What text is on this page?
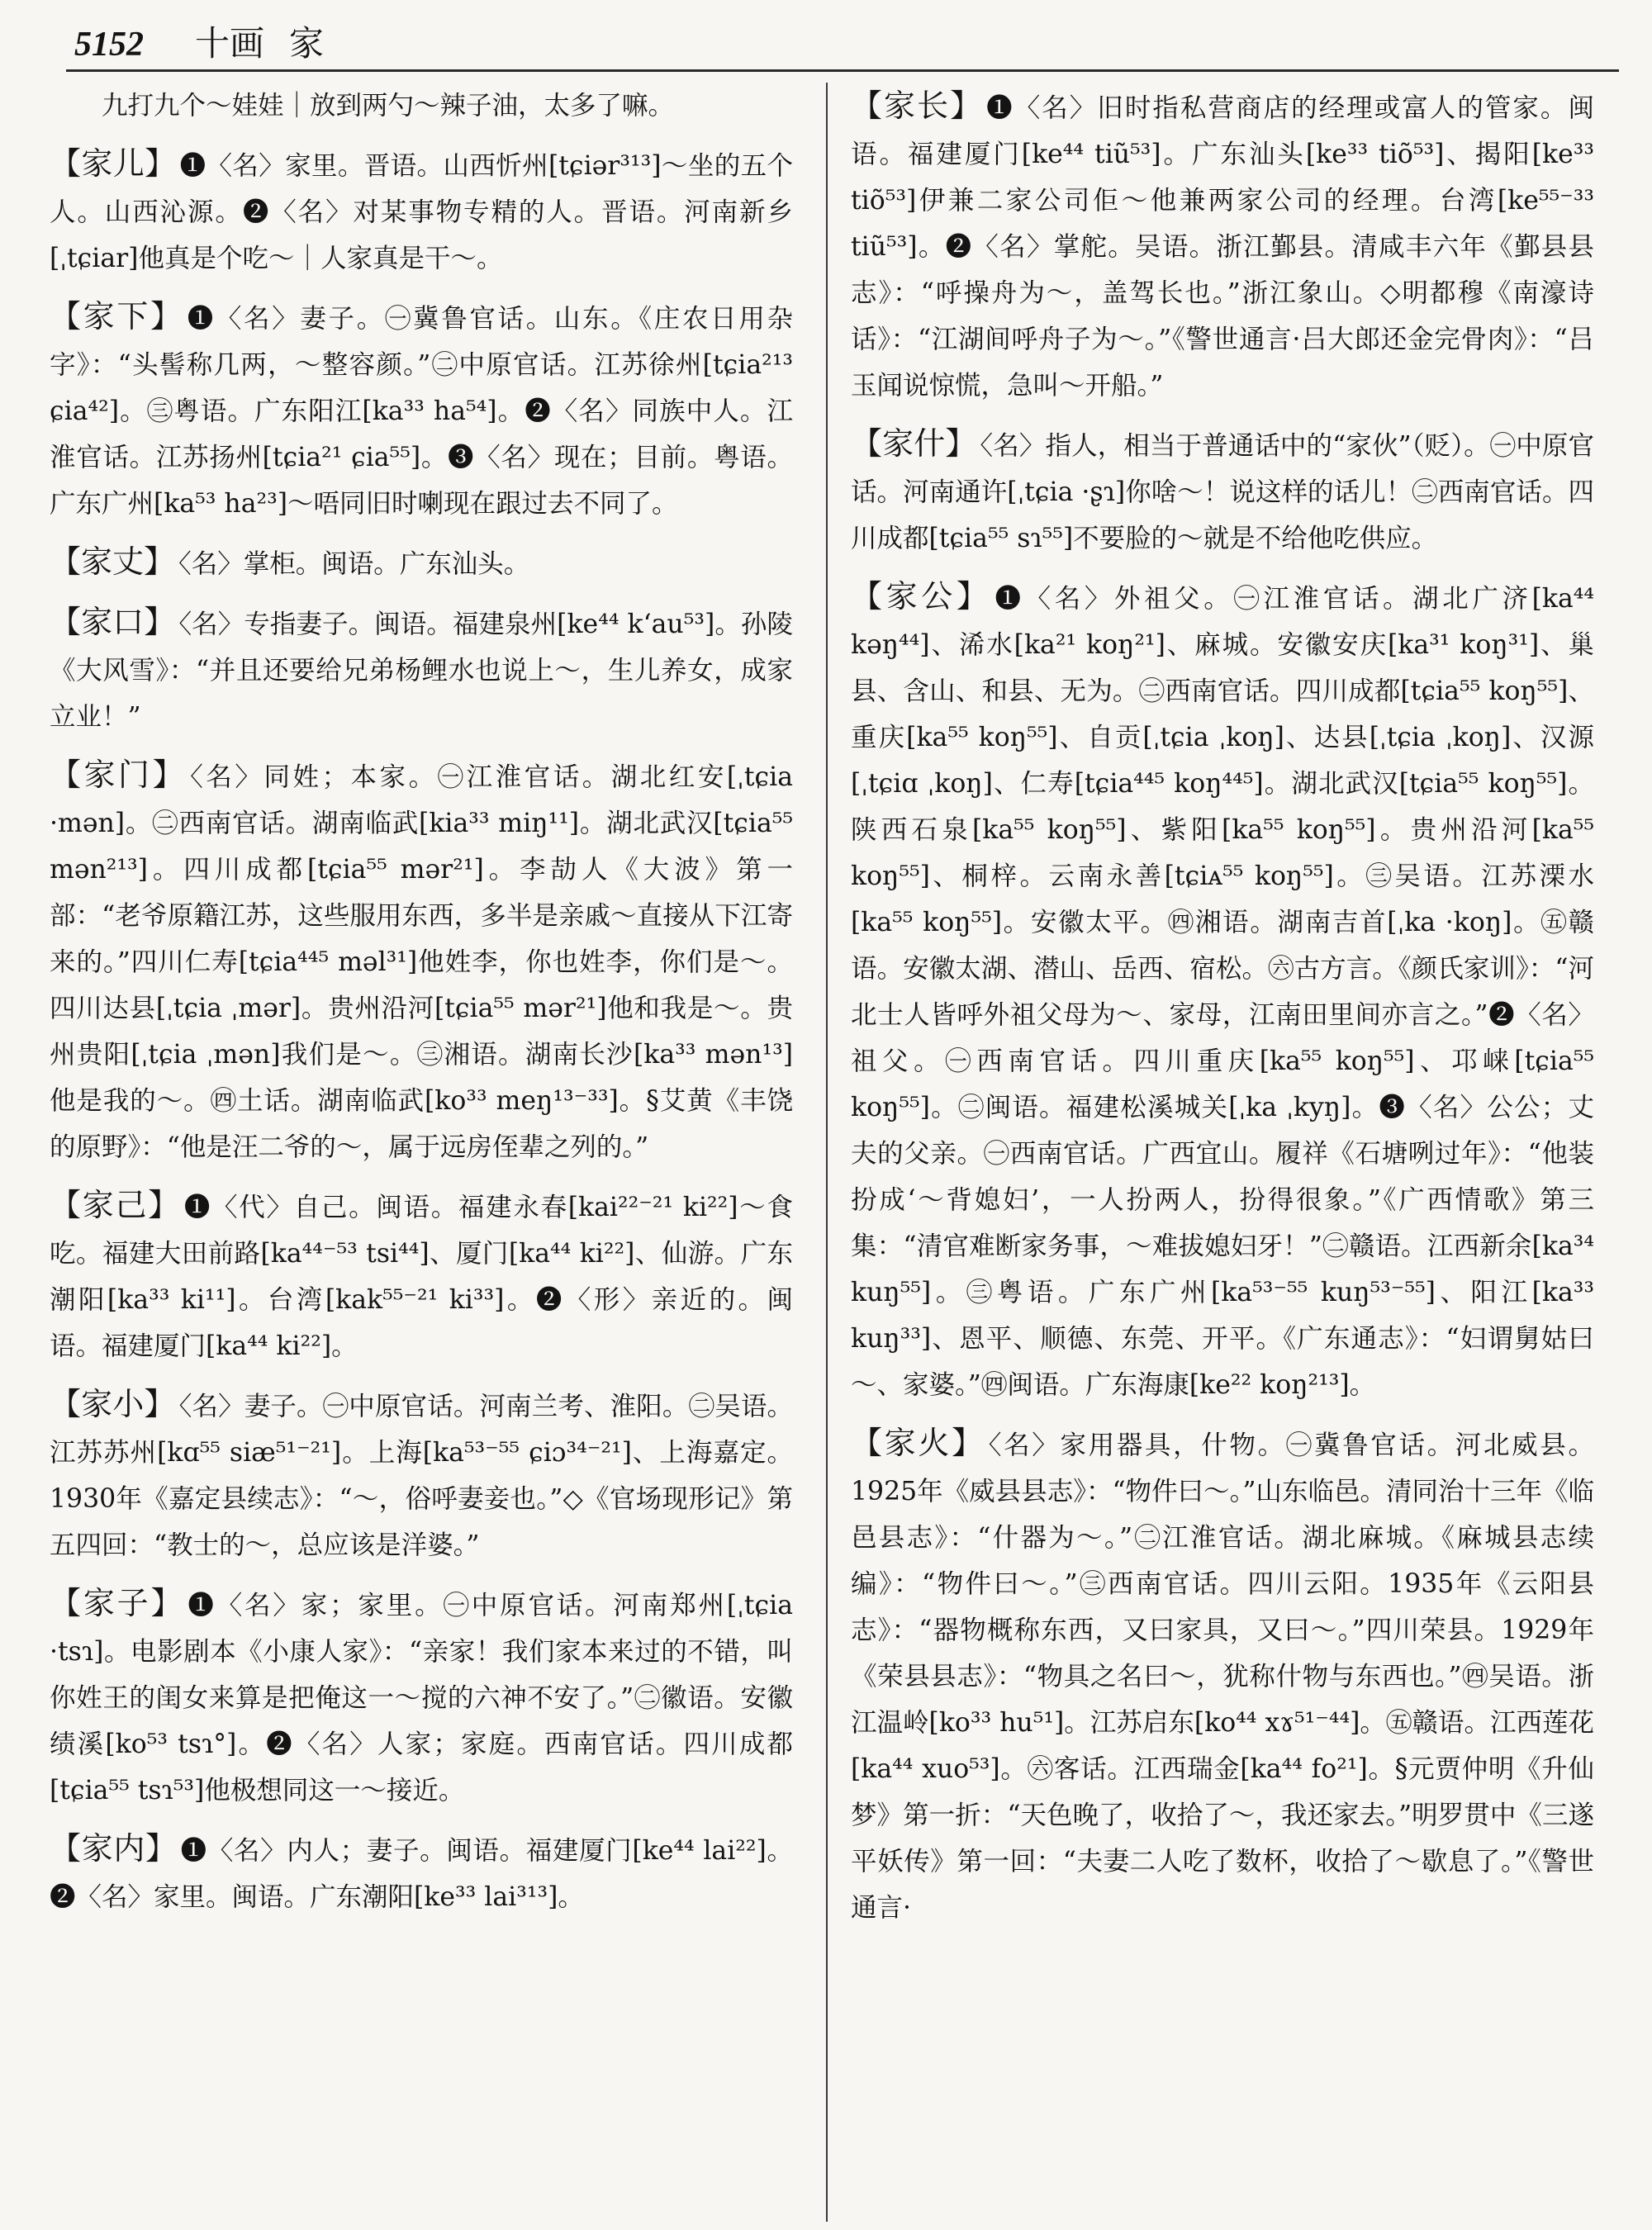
5152 十画 家

九打九个～娃娃｜放到两勺～辣子油，太多了嘛。

【家儿】 ❶〈名〉家里。晋语。山西忻州[tɕiər³¹³]～坐的五个人。山西沁源。❷〈名〉对某事物专精的人。晋语。河南新乡[ˌtɕiar]他真是个吃～｜人家真是干～。

【家下】 ❶〈名〉妻子。㊀冀鲁官话。山东。《庄农日用杂字》：“头髻称几两，～整容颜。”㊁中原官话。江苏徐州[tɕia²¹³ ɕia⁴²]。㊂粤语。广东阳江[ka³³ ha⁵⁴]。❷〈名〉同族中人。江淮官话。江苏扬州[tɕia²¹ ɕia⁵⁵]。❸〈名〉现在；目前。粤语。广东广州[ka⁵³ ha²³]～唔同旧时喇现在跟过去不同了。

【家丈】 〈名〉掌柜。闽语。广东汕头。

【家口】 〈名〉专指妻子。闽语。福建泉州[ke⁴⁴ k‘au⁵³]。孙陵《大风雪》：“并且还要给兄弟杨鲤水也说上～，生儿养女，成家立业！”

【家门】 〈名〉同姓；本家。㊀江淮官话。湖北红安[ˌtɕia ·mən]。㊁西南官话。湖南临武[kia³³ miŋ¹¹]。湖北武汉[tɕia⁵⁵ mən²¹³]。四川成都[tɕia⁵⁵ mər²¹]。李劼人《大波》第一部：“老爷原籍江苏，这些服用东西，多半是亲戚～直接从下江寄来的。”四川仁寿[tɕia⁴⁴⁵ məl³¹]他姓李，你也姓李，你们是～。四川达县[ˌtɕia ˌmər]。贵州沿河[tɕia⁵⁵ mər²¹]他和我是～。贵州贵阳[ˌtɕia ˌmən]我们是～。㊂湘语。湖南长沙[ka³³ mən¹³]他是我的～。㊃土话。湖南临武[ko³³ meŋ¹³⁻³³]。§艾黄《丰饶的原野》：“他是汪二爷的～，属于远房侄辈之列的。”

【家己】 ❶〈代〉自己。闽语。福建永春[kai²²⁻²¹ ki²²]～食吃。福建大田前路[ka⁴⁴⁻⁵³ tsi⁴⁴]、厦门[ka⁴⁴ ki²²]、仙游。广东潮阳[ka³³ ki¹¹]。台湾[kak⁵⁵⁻²¹ ki³³]。❷〈形〉亲近的。闽语。福建厦门[ka⁴⁴ ki²²]。

【家小】 〈名〉妻子。㊀中原官话。河南兰考、淮阳。㊁吴语。江苏苏州[kɑ⁵⁵ siæ⁵¹⁻²¹]。上海[ka⁵³⁻⁵⁵ ɕiɔ³⁴⁻²¹]、上海嘉定。1930年《嘉定县续志》：“～，俗呼妻妾也。”◇《官场现形记》第五四回：“教士的～，总应该是洋婆。”

【家子】 ❶〈名〉家；家里。㊀中原官话。河南郑州[ˌtɕia ·tsɿ]。电影剧本《小康人家》：“亲家！我们家本来过的不错，叫你姓王的闺女来算是把俺这一～搅的六神不安了。”㊁徽语。安徽绩溪[ko⁵³ tsɿ°]。❷〈名〉人家；家庭。西南官话。四川成都[tɕia⁵⁵ tsɿ⁵³]他极想同这一～接近。

【家内】 ❶〈名〉内人；妻子。闽语。福建厦门[ke⁴⁴ lai²²]。❷〈名〉家里。闽语。广东潮阳[ke³³ lai³¹³]。

【家长】 ❶〈名〉旧时指私营商店的经理或富人的管家。闽语。福建厦门[ke⁴⁴ tiũ⁵³]。广东汕头[ke³³ tiõ⁵³]、揭阳[ke³³ tiõ⁵³]伊兼二家公司佢～他兼两家公司的经理。台湾[ke⁵⁵⁻³³ tiũ⁵³]。❷〈名〉掌舵。吴语。浙江鄞县。清咸丰六年《鄞县县志》：“呼操舟为～，盖驾长也。”浙江象山。◇明都穆《南濠诗话》：“江湖间呼舟子为～。”《警世通言·吕大郎还金完骨肉》：“吕玉闻说惊慌，急叫～开船。”

【家什】 〈名〉指人，相当于普通话中的“家伙”（贬）。㊀中原官话。河南通许[ˌtɕia ·ʂɿ]你啥～！说这样的话儿！㊁西南官话。四川成都[tɕia⁵⁵ sɿ⁵⁵]不要脸的～就是不给他吃供应。

【家公】 ❶〈名〉外祖父。㊀江淮官话。湖北广济[ka⁴⁴ kəŋ⁴⁴]、浠水[ka²¹ koŋ²¹]、麻城。安徽安庆[ka³¹ koŋ³¹]、巢县、含山、和县、无为。㊁西南官话。四川成都[tɕia⁵⁵ koŋ⁵⁵]、重庆[ka⁵⁵ koŋ⁵⁵]、自贡[ˌtɕia ˌkoŋ]、达县[ˌtɕia ˌkoŋ]、汉源[ˌtɕiɑ ˌkoŋ]、仁寿[tɕia⁴⁴⁵ koŋ⁴⁴⁵]。湖北武汉[tɕia⁵⁵ koŋ⁵⁵]。陕西石泉[ka⁵⁵ koŋ⁵⁵]、紫阳[ka⁵⁵ koŋ⁵⁵]。贵州沿河[ka⁵⁵ koŋ⁵⁵]、桐梓。云南永善[tɕiᴀ⁵⁵ koŋ⁵⁵]。㊂吴语。江苏溧水[ka⁵⁵ koŋ⁵⁵]。安徽太平。㊃湘语。湖南吉首[ˌka ·koŋ]。㊄赣语。安徽太湖、潜山、岳西、宿松。㊅古方言。《颜氏家训》：“河北士人皆呼外祖父母为～、家母，江南田里间亦言之。”❷〈名〉祖父。㊀西南官话。四川重庆[ka⁵⁵ koŋ⁵⁵]、邛崃[tɕia⁵⁵ koŋ⁵⁵]。㊁闽语。福建松溪城关[ˌka ˌkyŋ]。❸〈名〉公公；丈夫的父亲。㊀西南官话。广西宜山。履祥《石塘咧过年》：“他装扮成‘～背媳妇’，一人扮两人，扮得很象。”《广西情歌》第三集：“清官难断家务事，～难拔媳妇牙！”㊁赣语。江西新余[ka³⁴ kuŋ⁵⁵]。㊂粤语。广东广州[ka⁵³⁻⁵⁵ kuŋ⁵³⁻⁵⁵]、阳江[ka³³ kuŋ³³]、恩平、顺德、东莞、开平。《广东通志》：“妇谓舅姑曰～、家婆。”㊃闽语。广东海康[ke²² koŋ²¹³]。

【家火】 〈名〉家用器具，什物。㊀冀鲁官话。河北威县。1925年《威县县志》：“物件曰～。”山东临邑。清同治十三年《临邑县志》：“什器为～。”㊁江淮官话。湖北麻城。《麻城县志续编》：“物件曰～。”㊂西南官话。四川云阳。1935年《云阳县志》：“器物概称东西，又曰家具，又曰～。”四川荣县。1929年《荣县县志》：“物具之名曰～，犹称什物与东西也。”㊃吴语。浙江温岭[ko³³ hu⁵¹]。江苏启东[ko⁴⁴ xɤ⁵¹⁻⁴⁴]。㊄赣语。江西莲花[ka⁴⁴ xuo⁵³]。㊅客话。江西瑞金[ka⁴⁴ fo²¹]。§元贾仲明《升仙梦》第一折：“天色晚了，收拾了～，我还家去。”明罗贯中《三遂平妖传》第一回：“夫妻二人吃了数杯，收拾了～歇息了。”《警世通言·
